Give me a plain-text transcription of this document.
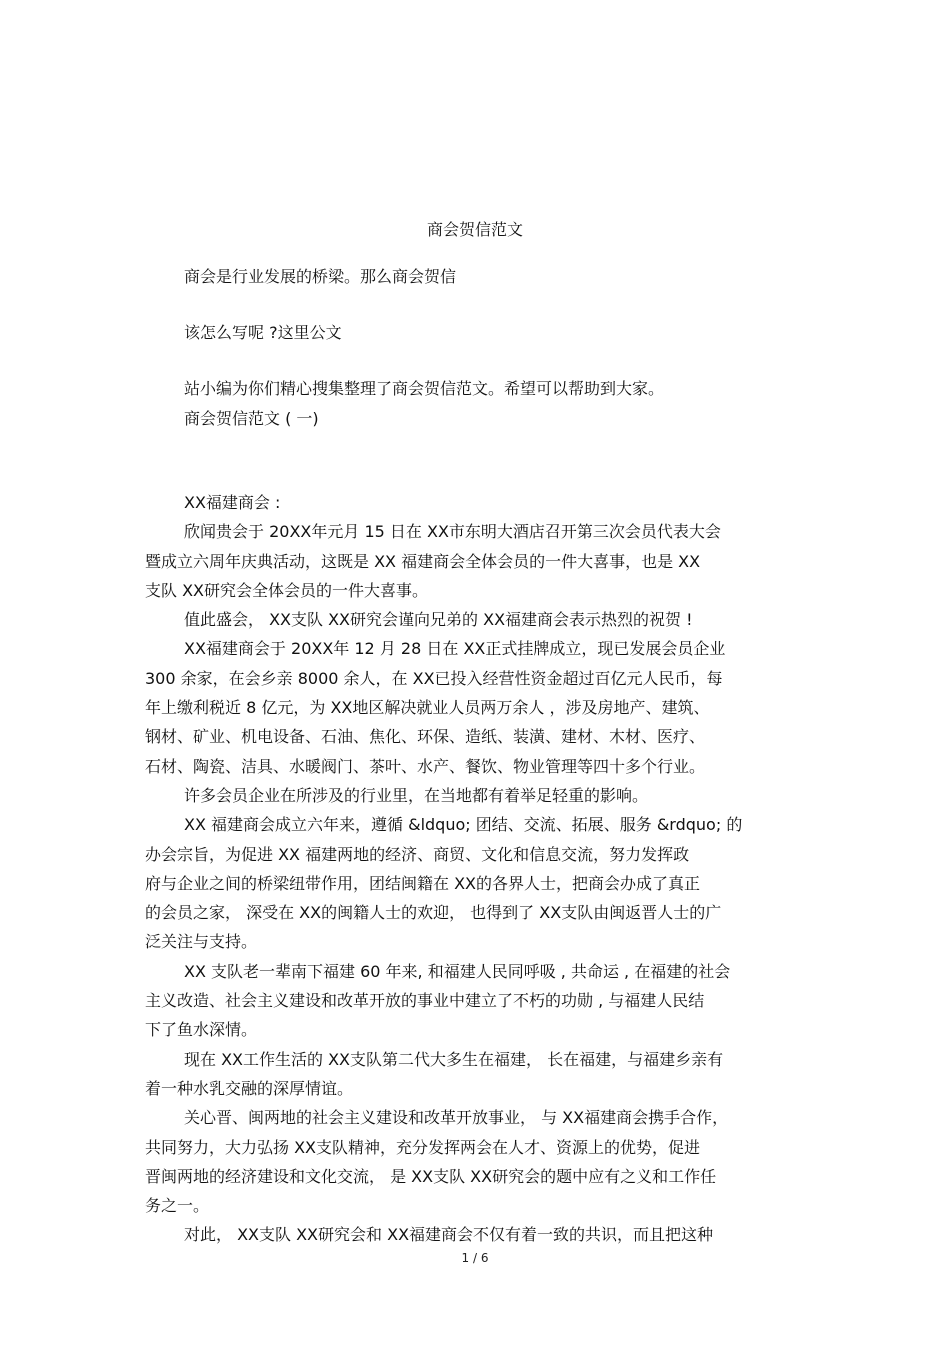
商会贺信范文
商会是行业发展的桥梁。那么商会贺信
该怎么写呢 ?这里公文
站小编为你们精心搜集整理了商会贺信范文。希望可以帮助到大家。
商会贺信范文 ( 一)
XX福建商会 :
欣闻贵会于 20XX年元月 15 日在 XX市东明大酒店召开第三次会员代表大会
暨成立六周年庆典活动，这既是 XX 福建商会全体会员的一件大喜事，也是 XX
支队 XX研究会全体会员的一件大喜事。
值此盛会， XX支队 XX研究会谨向兄弟的 XX福建商会表示热烈的祝贺 !
XX福建商会于 20XX年 12 月 28 日在 XX正式挂牌成立，现已发展会员企业
300 余家，在会乡亲 8000 余人，在 XX已投入经营性资金超过百亿元人民币，每
年上缴利税近 8 亿元，为 XX地区解决就业人员两万余人 ，涉及房地产、建筑、
钢材、矿业、机电设备、石油、焦化、环保、造纸、装潢、建材、木材、医疗、
石材、陶瓷、洁具、水暖阀门、茶叶、水产、餐饮、物业管理等四十多个行业。
许多会员企业在所涉及的行业里，在当地都有着举足轻重的影响。
XX 福建商会成立六年来，遵循 &ldquo; 团结、交流、拓展、服务 &rdquo; 的
办会宗旨，为促进 XX 福建两地的经济、商贸、文化和信息交流，努力发挥政
府与企业之间的桥梁纽带作用，团结闽籍在 XX的各界人士，把商会办成了真正
的会员之家， 深受在 XX的闽籍人士的欢迎， 也得到了 XX支队由闽返晋人士的广
泛关注与支持。
XX 支队老一辈南下福建 60 年来, 和福建人民同呼吸 , 共命运 , 在福建的社会
主义改造、社会主义建设和改革开放的事业中建立了不朽的功勋 , 与福建人民结
下了鱼水深情。
现在 XX工作生活的 XX支队第二代大多生在福建， 长在福建，与福建乡亲有
着一种水乳交融的深厚情谊。
关心晋、闽两地的社会主义建设和改革开放事业， 与 XX福建商会携手合作，
共同努力，大力弘扬 XX支队精神，充分发挥两会在人才、资源上的优势，促进
晋闽两地的经济建设和文化交流， 是 XX支队 XX研究会的题中应有之义和工作任
务之一。
对此， XX支队 XX研究会和 XX福建商会不仅有着一致的共识，而且把这种
1 / 6
